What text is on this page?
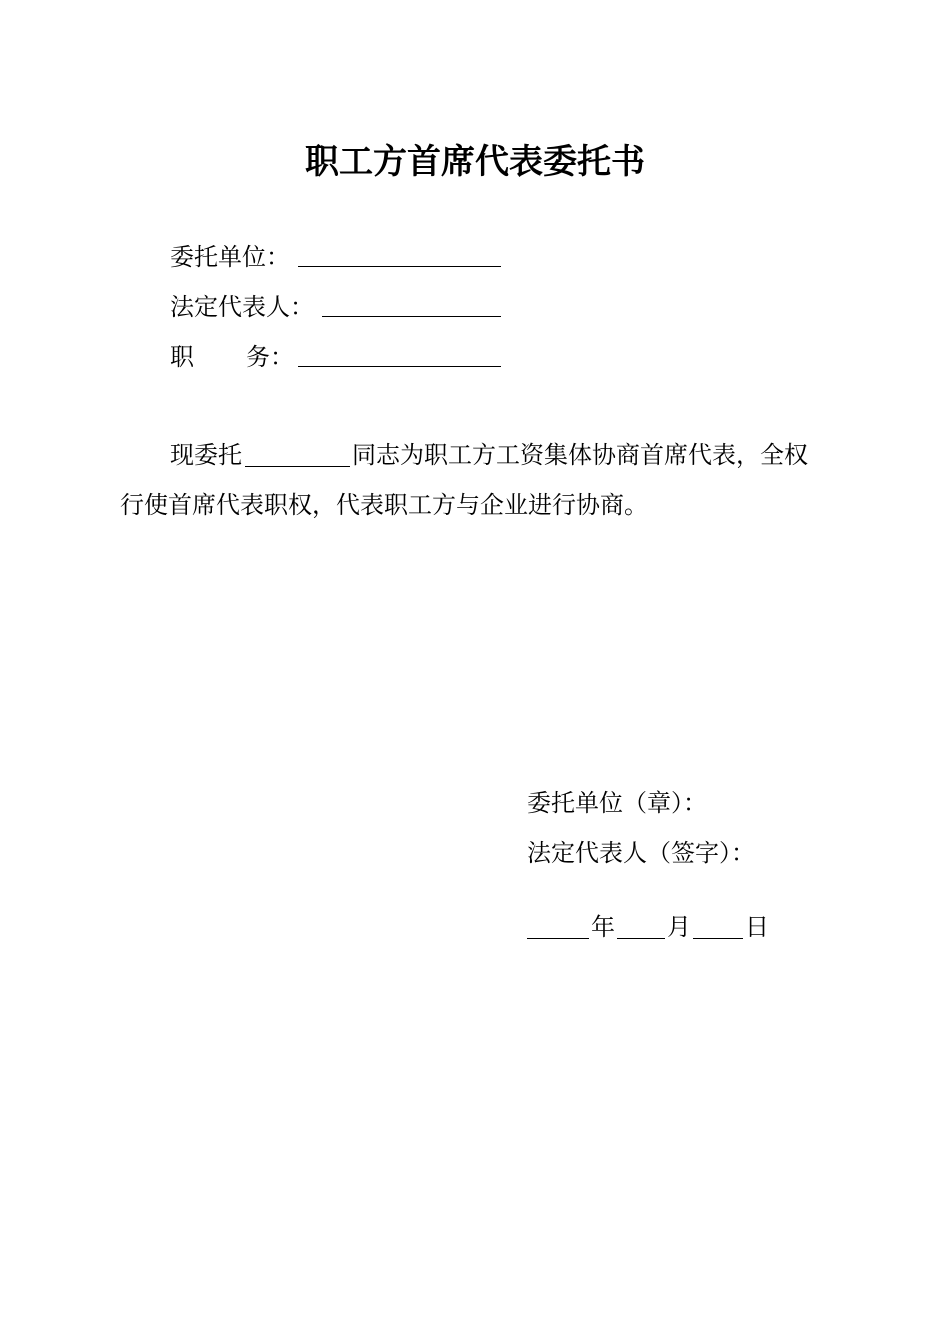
职工方首席代表委托书
委托单位：
法定代表人：
职 务：
现委托	同志为职工方工资集体协商首席代表，全权
行使首席代表职权，代表职工方与企业进行协商。
委托单位（章）：
法定代表人（签字）：
年 月 日
